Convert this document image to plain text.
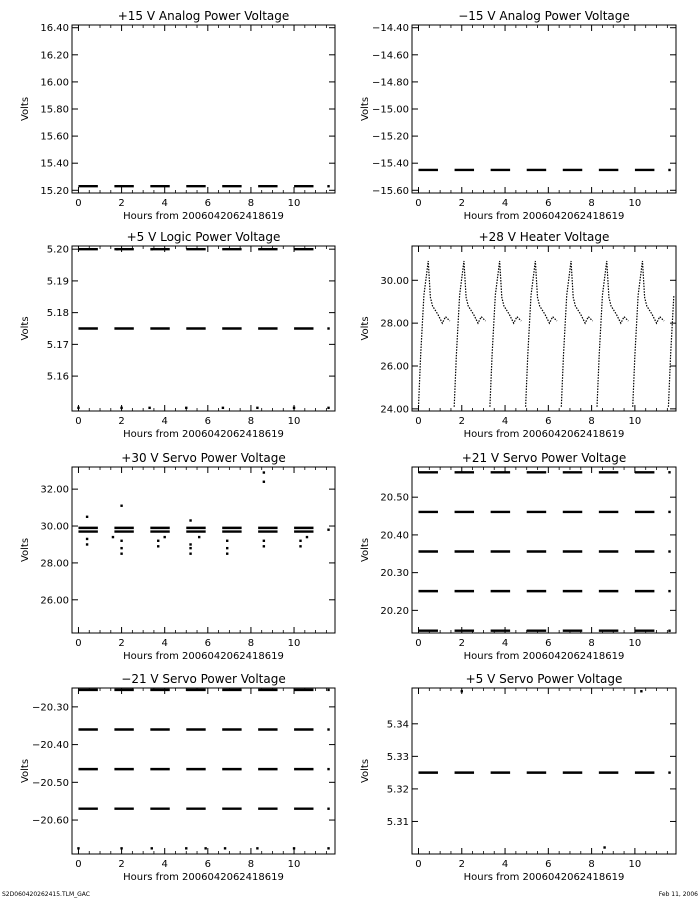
+15 V Analog Power Voltage
0	2	4	6	8	10
Hours from 2006042062418619
15.20
15.40
15.60
15.80
16.00
16.20
16.40
Volts
−15 V Analog Power Voltage
0	2	4	6	8	10
Hours from 2006042062418619
−15.60
−15.40
−15.20
−15.00
−14.80
−14.60
−14.40
Volts
+5 V Logic Power Voltage
0	2	4	6	8	10
Hours from 2006042062418619
5.16
5.17
5.18
5.19
5.20
Volts
+28 V Heater Voltage
0	2	4	6	8	10
Hours from 2006042062418619
24.00
26.00
28.00
30.00
Volts
+30 V Servo Power Voltage
0	2	4	6	8	10
Hours from 2006042062418619
26.00
28.00
30.00
32.00
Volts
+21 V Servo Power Voltage
0	2	4	6	8	10
Hours from 2006042062418619
20.20
20.30
20.40
20.50
Volts
−21 V Servo Power Voltage
0	2	4	6	8	10
Hours from 2006042062418619
−20.60
−20.50
−20.40
−20.30
Volts
+5 V Servo Power Voltage
0	2	4	6	8	10
Hours from 2006042062418619
5.31
5.32
5.33
5.34
Volts
S2D060420262415.TLM_GAC	Feb 11, 2006
